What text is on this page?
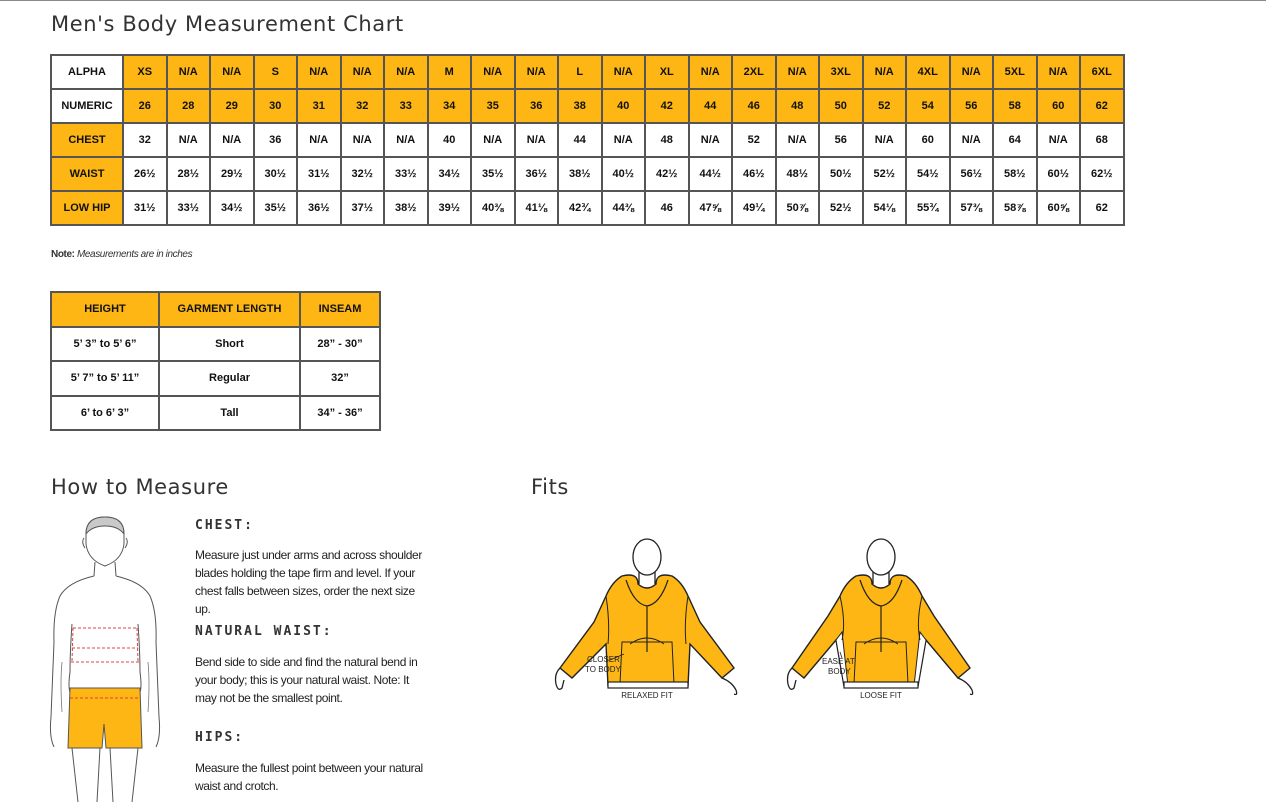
Men's Body Measurement Chart
ALPHA	XS	N/A	N/A	S	N/A	N/A	N/A	M	N/A	N/A	L	N/A	XL	N/A	2XL	N/A	3XL	N/A	4XL	N/A	5XL	N/A	6XL
NUMERIC	26	28	29	30	31	32	33	34	35	36	38	40	42	44	46	48	50	52	54	56	58	60	62
CHEST	32	N/A	N/A	36	N/A	N/A	N/A	40	N/A	N/A	44	N/A	48	N/A	52	N/A	56	N/A	60	N/A	64	N/A	68
WAIST	26½	28½	29½	30½	31½	32½	33½	34½	35½	36½	38½	40½	42½	44½	46½	48½	50½	52½	54½	56½	58½	60½	62½
LOW HIP	31½	33½	34½	35½	36½	37½	38½	39½	40⅜	41⅛	42¾	44⅜	46	47⅝	49¼	50⅞	52½	54⅛	55¾	57⅜	58⅞	60⅝	62
Note: Measurements are in inches
HEIGHT	GARMENT LENGTH	INSEAM
5’ 3” to 5’ 6”	Short	28” - 30”
5’ 7” to 5’ 11”	Regular	32”
6’ to 6’ 3”	Tall	34” - 36”
How to Measure
CHEST:

Measure just under arms and across shoulder blades holding the tape firm and level. If your chest falls between sizes, order the next size up.

NATURAL WAIST:

Bend side to side and find the natural bend in your body; this is your natural waist. Note: It may not be the smallest point.

HIPS:

Measure the fullest point between your natural waist and crotch.

Fits
CLOSER
TO BODY
RELAXED FIT
EASE AT
BODY
LOOSE FIT
